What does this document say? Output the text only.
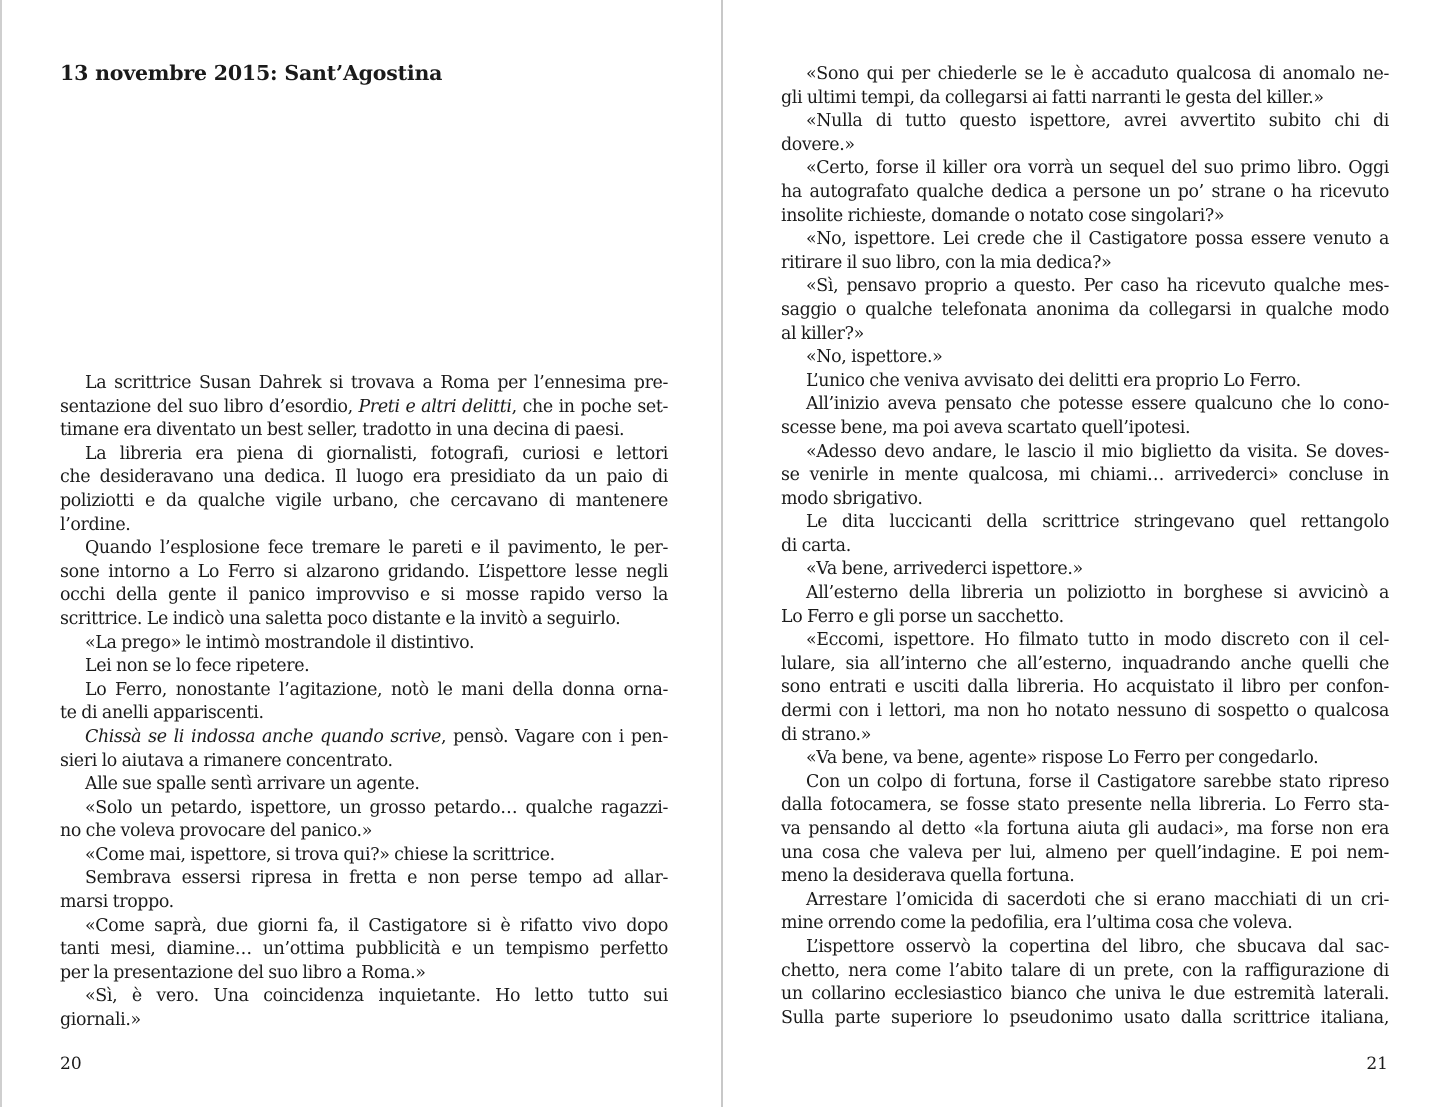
13 novembre 2015: Sant’Agostina
La scrittrice Susan Dahrek si trovava a Roma per l’ennesima pre-
sentazione del suo libro d’esordio, Preti e altri delitti, che in poche set-
timane era diventato un best seller, tradotto in una decina di paesi.
La libreria era piena di giornalisti, fotografi, curiosi e lettori
che desideravano una dedica. Il luogo era presidiato da un paio di
poliziotti e da qualche vigile urbano, che cercavano di mantenere
l’ordine.
Quando l’esplosione fece tremare le pareti e il pavimento, le per-
sone intorno a Lo Ferro si alzarono gridando. L’ispettore lesse negli
occhi della gente il panico improvviso e si mosse rapido verso la
scrittrice. Le indicò una saletta poco distante e la invitò a seguirlo.
«La prego» le intimò mostrandole il distintivo.
Lei non se lo fece ripetere.
Lo Ferro, nonostante l’agitazione, notò le mani della donna orna-
te di anelli appariscenti.
Chissà se li indossa anche quando scrive, pensò. Vagare con i pen-
sieri lo aiutava a rimanere concentrato.
Alle sue spalle sentì arrivare un agente.
«Solo un petardo, ispettore, un grosso petardo… qualche ragazzi-
no che voleva provocare del panico.»
«Come mai, ispettore, si trova qui?» chiese la scrittrice.
Sembrava essersi ripresa in fretta e non perse tempo ad allar-
marsi troppo.
«Come saprà, due giorni fa, il Castigatore si è rifatto vivo dopo
tanti mesi, diamine… un’ottima pubblicità e un tempismo perfetto
per la presentazione del suo libro a Roma.»
«Sì, è vero. Una coincidenza inquietante. Ho letto tutto sui
giornali.»
20
«Sono qui per chiederle se le è accaduto qualcosa di anomalo ne-
gli ultimi tempi, da collegarsi ai fatti narranti le gesta del killer.»
«Nulla di tutto questo ispettore, avrei avvertito subito chi di
dovere.»
«Certo, forse il killer ora vorrà un sequel del suo primo libro. Oggi
ha autografato qualche dedica a persone un po’ strane o ha ricevuto
insolite richieste, domande o notato cose singolari?»
«No, ispettore. Lei crede che il Castigatore possa essere venuto a
ritirare il suo libro, con la mia dedica?»
«Sì, pensavo proprio a questo. Per caso ha ricevuto qualche mes-
saggio o qualche telefonata anonima da collegarsi in qualche modo
al killer?»
«No, ispettore.»
L’unico che veniva avvisato dei delitti era proprio Lo Ferro.
All’inizio aveva pensato che potesse essere qualcuno che lo cono-
scesse bene, ma poi aveva scartato quell’ipotesi.
«Adesso devo andare, le lascio il mio biglietto da visita. Se doves-
se venirle in mente qualcosa, mi chiami… arrivederci» concluse in
modo sbrigativo.
Le dita luccicanti della scrittrice stringevano quel rettangolo
di carta.
«Va bene, arrivederci ispettore.»
All’esterno della libreria un poliziotto in borghese si avvicinò a
Lo Ferro e gli porse un sacchetto.
«Eccomi, ispettore. Ho filmato tutto in modo discreto con il cel-
lulare, sia all’interno che all’esterno, inquadrando anche quelli che
sono entrati e usciti dalla libreria. Ho acquistato il libro per confon-
dermi con i lettori, ma non ho notato nessuno di sospetto o qualcosa
di strano.»
«Va bene, va bene, agente» rispose Lo Ferro per congedarlo.
Con un colpo di fortuna, forse il Castigatore sarebbe stato ripreso
dalla fotocamera, se fosse stato presente nella libreria. Lo Ferro sta-
va pensando al detto «la fortuna aiuta gli audaci», ma forse non era
una cosa che valeva per lui, almeno per quell’indagine. E poi nem-
meno la desiderava quella fortuna.
Arrestare l’omicida di sacerdoti che si erano macchiati di un cri-
mine orrendo come la pedofilia, era l’ultima cosa che voleva.
L’ispettore osservò la copertina del libro, che sbucava dal sac-
chetto, nera come l’abito talare di un prete, con la raffigurazione di
un collarino ecclesiastico bianco che univa le due estremità laterali.
Sulla parte superiore lo pseudonimo usato dalla scrittrice italiana,
21
